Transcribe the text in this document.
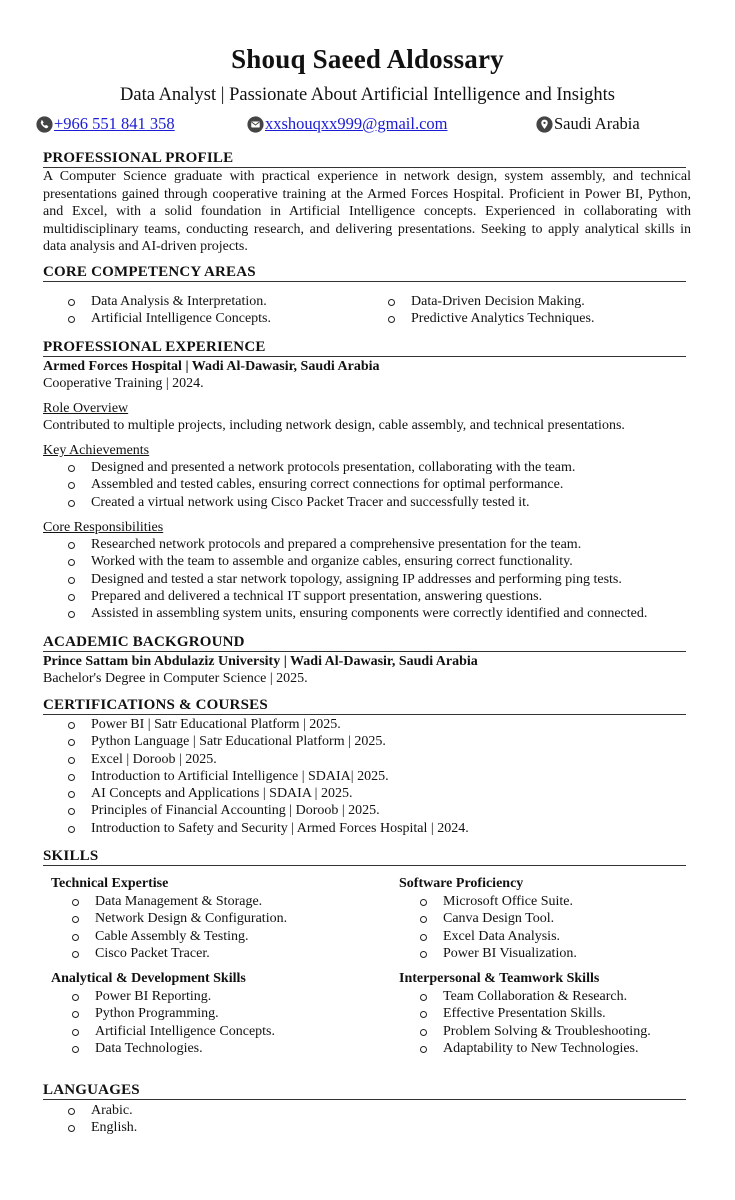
Shouq Saeed Aldossary
Data Analyst | Passionate About Artificial Intelligence and Insights
+966 551 841 358	xxshouqxx999@gmail.com	Saudi Arabia
PROFESSIONAL PROFILE
A Computer Science graduate with practical experience in network design, system assembly, and technical presentations gained through cooperative training at the Armed Forces Hospital. Proficient in Power BI, Python, and Excel, with a solid foundation in Artificial Intelligence concepts. Experienced in collaborating with multidisciplinary teams, conducting research, and delivering presentations. Seeking to apply analytical skills in data analysis and AI-driven projects.
CORE COMPETENCY AREAS
Data Analysis & Interpretation.
Artificial Intelligence Concepts.
Data-Driven Decision Making.
Predictive Analytics Techniques.
PROFESSIONAL EXPERIENCE
Armed Forces Hospital | Wadi Al-Dawasir, Saudi Arabia
Cooperative Training | 2024.
Role Overview
Contributed to multiple projects, including network design, cable assembly, and technical presentations.
Key Achievements
Designed and presented a network protocols presentation, collaborating with the team.
Assembled and tested cables, ensuring correct connections for optimal performance.
Created a virtual network using Cisco Packet Tracer and successfully tested it.
Core Responsibilities
Researched network protocols and prepared a comprehensive presentation for the team.
Worked with the team to assemble and organize cables, ensuring correct functionality.
Designed and tested a star network topology, assigning IP addresses and performing ping tests.
Prepared and delivered a technical IT support presentation, answering questions.
Assisted in assembling system units, ensuring components were correctly identified and connected.
ACADEMIC BACKGROUND
Prince Sattam bin Abdulaziz University | Wadi Al-Dawasir, Saudi Arabia
Bachelor's Degree in Computer Science | 2025.
CERTIFICATIONS & COURSES
Power BI | Satr Educational Platform | 2025.
Python Language | Satr Educational Platform | 2025.
Excel | Doroob | 2025.
Introduction to Artificial Intelligence | SDAIA| 2025.
AI Concepts and Applications | SDAIA | 2025.
Principles of Financial Accounting | Doroob | 2025.
Introduction to Safety and Security | Armed Forces Hospital | 2024.
SKILLS
Technical Expertise
Data Management & Storage.
Network Design & Configuration.
Cable Assembly & Testing.
Cisco Packet Tracer.
Software Proficiency
Microsoft Office Suite.
Canva Design Tool.
Excel Data Analysis.
Power BI Visualization.
Analytical & Development Skills
Power BI Reporting.
Python Programming.
Artificial Intelligence Concepts.
Data Technologies.
Interpersonal & Teamwork Skills
Team Collaboration & Research.
Effective Presentation Skills.
Problem Solving & Troubleshooting.
Adaptability to New Technologies.
LANGUAGES
Arabic.
English.
